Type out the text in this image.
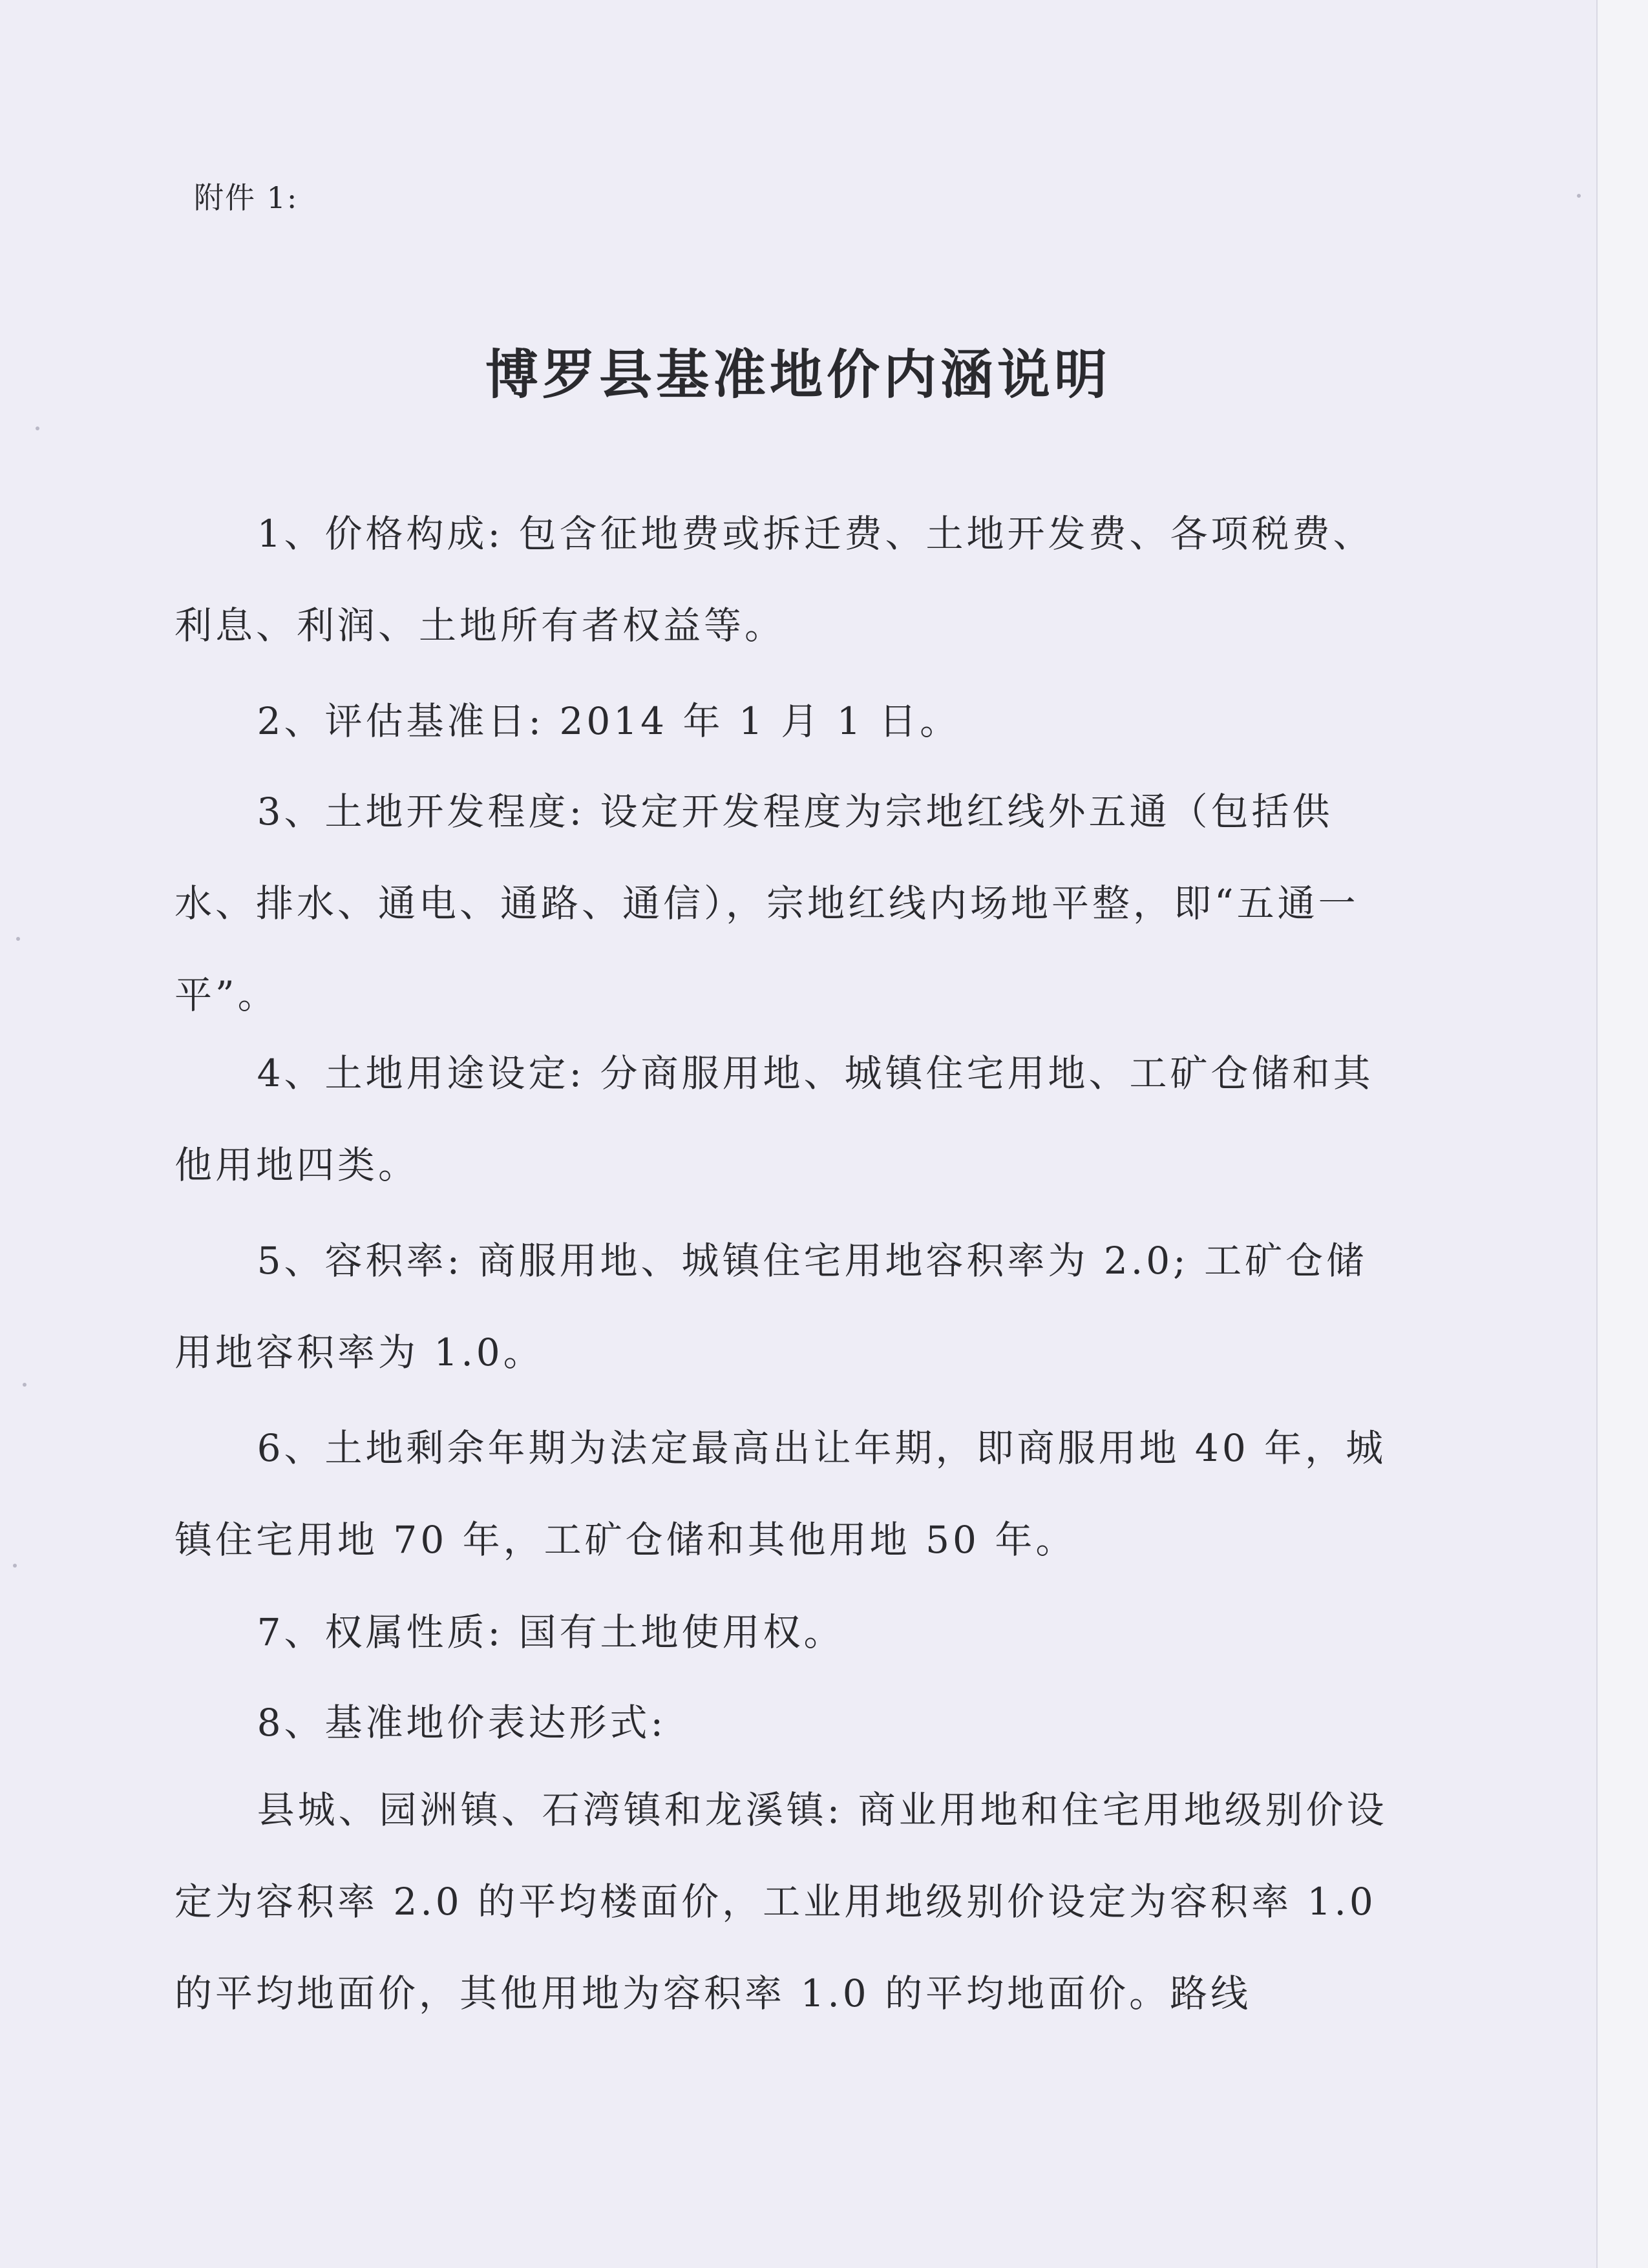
附件 1:
博罗县基准地价内涵说明

1、价格构成: 包含征地费或拆迁费、土地开发费、各项税费、利息、利润、土地所有者权益等。

2、评估基准日: 2014 年 1 月 1 日。

3、土地开发程度: 设定开发程度为宗地红线外五通（包括供水、排水、通电、通路、通信），宗地红线内场地平整，即“五通一平”。

4、土地用途设定: 分商服用地、城镇住宅用地、工矿仓储和其他用地四类。

5、容积率: 商服用地、城镇住宅用地容积率为 2.0; 工矿仓储用地容积率为 1.0。

6、土地剩余年期为法定最高出让年期，即商服用地 40 年，城镇住宅用地 70 年，工矿仓储和其他用地 50 年。

7、权属性质: 国有土地使用权。

8、基准地价表达形式:

县城、园洲镇、石湾镇和龙溪镇: 商业用地和住宅用地级别价设定为容积率 2.0 的平均楼面价，工业用地级别价设定为容积率 1.0 的平均地面价，其他用地为容积率 1.0 的平均地面价。路线
